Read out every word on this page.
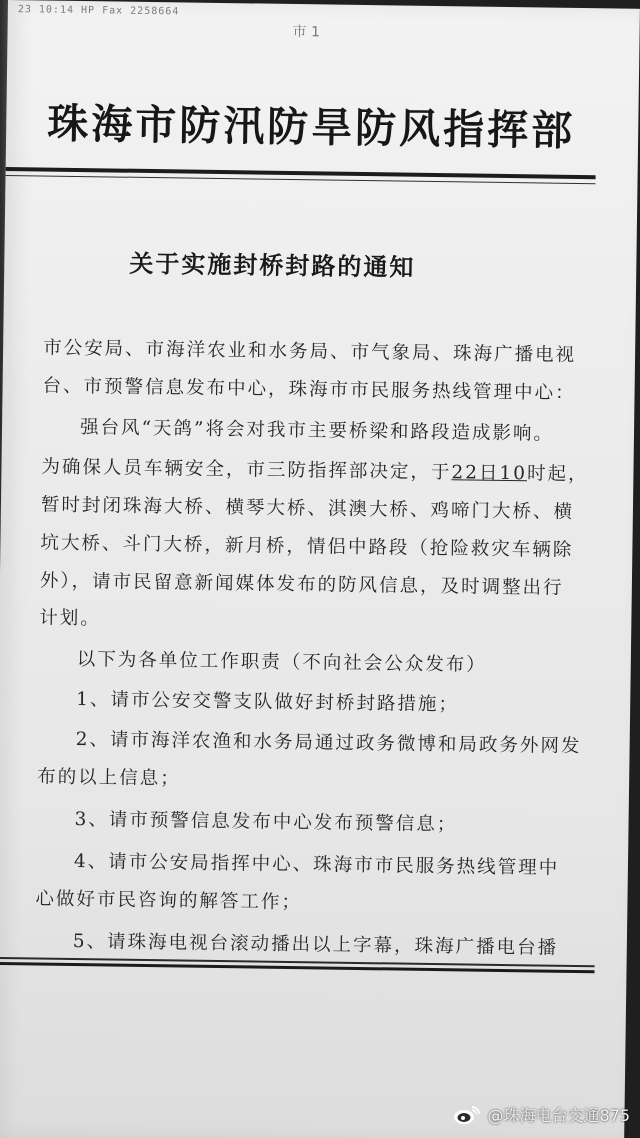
23 10:14 HP Fax 2258664
市 1
珠海市防汛防旱防风指挥部
关于实施封桥封路的通知
市公安局、市海洋农业和水务局、市气象局、珠海广播电视
台、市预警信息发布中心，珠海市市民服务热线管理中心：
强台风“天鸽”将会对我市主要桥梁和路段造成影响。
为确保人员车辆安全，市三防指挥部决定，于22日10时起，
暂时封闭珠海大桥、横琴大桥、淇澳大桥、鸡啼门大桥、横
坑大桥、斗门大桥，新月桥，情侣中路段（抢险救灾车辆除
外），请市民留意新闻媒体发布的防风信息，及时调整出行
计划。
以下为各单位工作职责（不向社会公众发布）
1、请市公安交警支队做好封桥封路措施；
2、请市海洋农渔和水务局通过政务微博和局政务外网发
布的以上信息；
3、请市预警信息发布中心发布预警信息；
4、请市公安局指挥中心、珠海市市民服务热线管理中
心做好市民咨询的解答工作；
5、请珠海电视台滚动播出以上字幕，珠海广播电台播
@珠海电台交通875
